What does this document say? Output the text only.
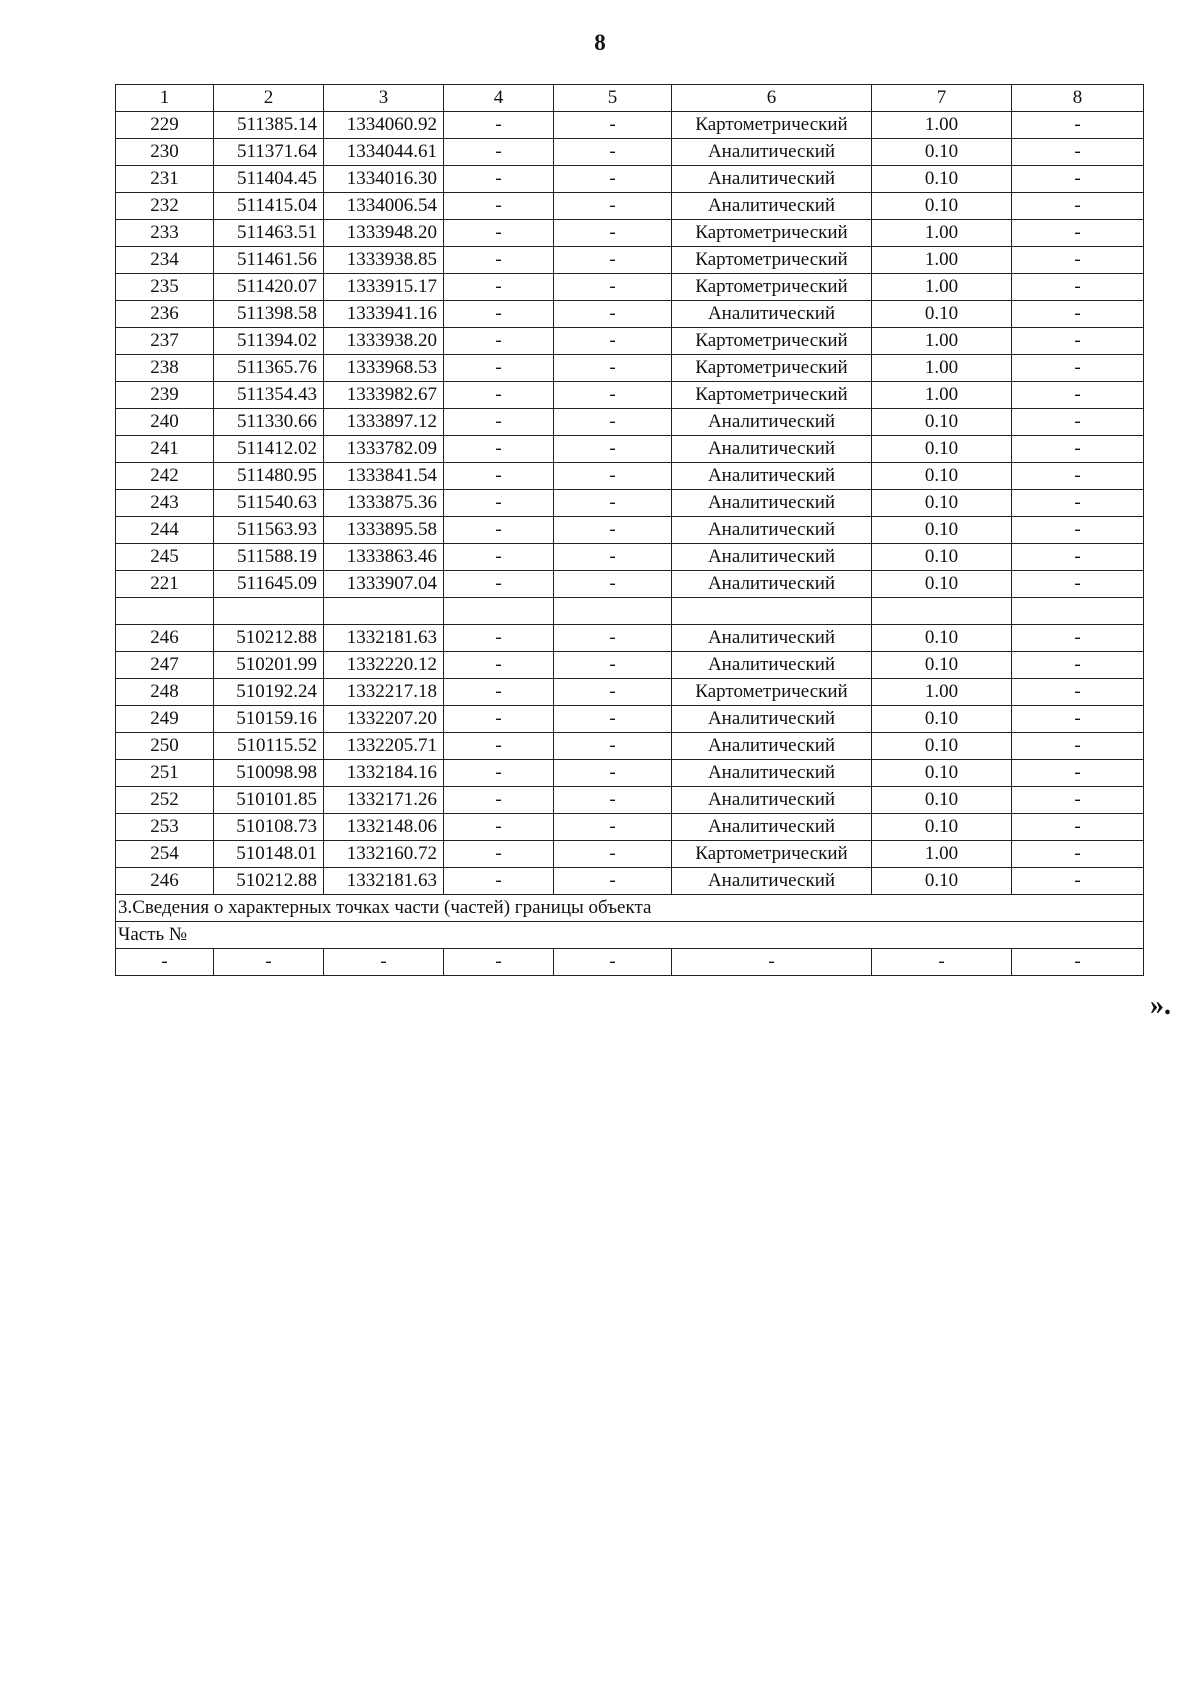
8
1	2	3	4	5	6	7	8
229	511385.14	1334060.92	-	-	Картометрический	1.00	-
230	511371.64	1334044.61	-	-	Аналитический	0.10	-
231	511404.45	1334016.30	-	-	Аналитический	0.10	-
232	511415.04	1334006.54	-	-	Аналитический	0.10	-
233	511463.51	1333948.20	-	-	Картометрический	1.00	-
234	511461.56	1333938.85	-	-	Картометрический	1.00	-
235	511420.07	1333915.17	-	-	Картометрический	1.00	-
236	511398.58	1333941.16	-	-	Аналитический	0.10	-
237	511394.02	1333938.20	-	-	Картометрический	1.00	-
238	511365.76	1333968.53	-	-	Картометрический	1.00	-
239	511354.43	1333982.67	-	-	Картометрический	1.00	-
240	511330.66	1333897.12	-	-	Аналитический	0.10	-
241	511412.02	1333782.09	-	-	Аналитический	0.10	-
242	511480.95	1333841.54	-	-	Аналитический	0.10	-
243	511540.63	1333875.36	-	-	Аналитический	0.10	-
244	511563.93	1333895.58	-	-	Аналитический	0.10	-
245	511588.19	1333863.46	-	-	Аналитический	0.10	-
221	511645.09	1333907.04	-	-	Аналитический	0.10	-

246	510212.88	1332181.63	-	-	Аналитический	0.10	-
247	510201.99	1332220.12	-	-	Аналитический	0.10	-
248	510192.24	1332217.18	-	-	Картометрический	1.00	-
249	510159.16	1332207.20	-	-	Аналитический	0.10	-
250	510115.52	1332205.71	-	-	Аналитический	0.10	-
251	510098.98	1332184.16	-	-	Аналитический	0.10	-
252	510101.85	1332171.26	-	-	Аналитический	0.10	-
253	510108.73	1332148.06	-	-	Аналитический	0.10	-
254	510148.01	1332160.72	-	-	Картометрический	1.00	-
246	510212.88	1332181.63	-	-	Аналитический	0.10	-
3.Сведения о характерных точках части (частей) границы объекта							
Часть №							
-	-	-	-	-	-	-	-
».
